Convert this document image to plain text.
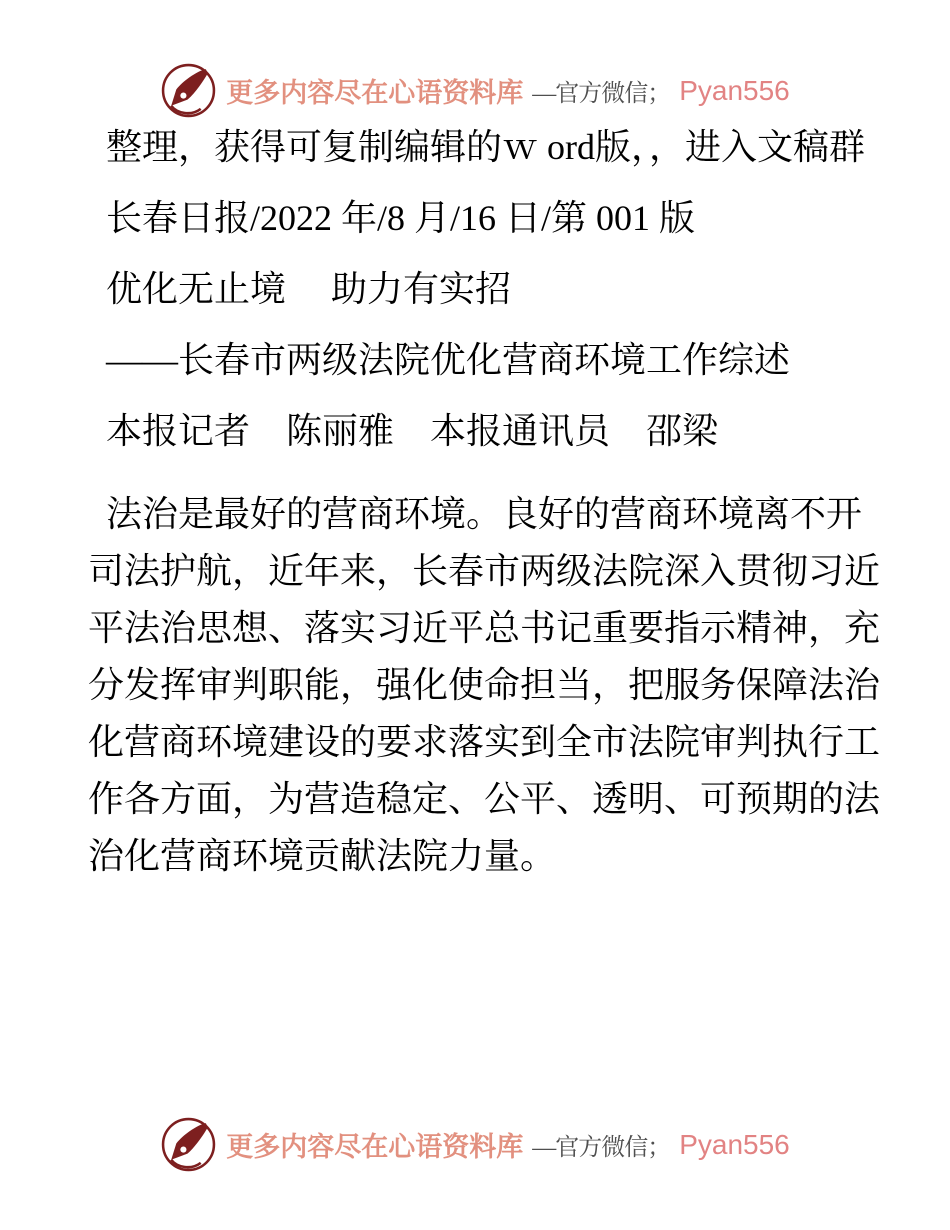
更多内容尽在心语资料库 —官方微信； Pyan556

整理，获得可复制编辑的ｗ ord版，，进入文稿群

长春日报/2022 年/8 月/16 日/第 001 版

优化无止境　 助力有实招

——长春市两级法院优化营商环境工作综述

本报记者　陈丽雅　本报通讯员　邵梁

法治是最好的营商环境。良好的营商环境离不开司法护航，近年来，长春市两级法院深入贯彻习近平法治思想、落实习近平总书记重要指示精神，充分发挥审判职能，强化使命担当，把服务保障法治化营商环境建设的要求落实到全市法院审判执行工作各方面，为营造稳定、公平、透明、可预期的法治化营商环境贡献法院力量。

更多内容尽在心语资料库 —官方微信； Pyan556
